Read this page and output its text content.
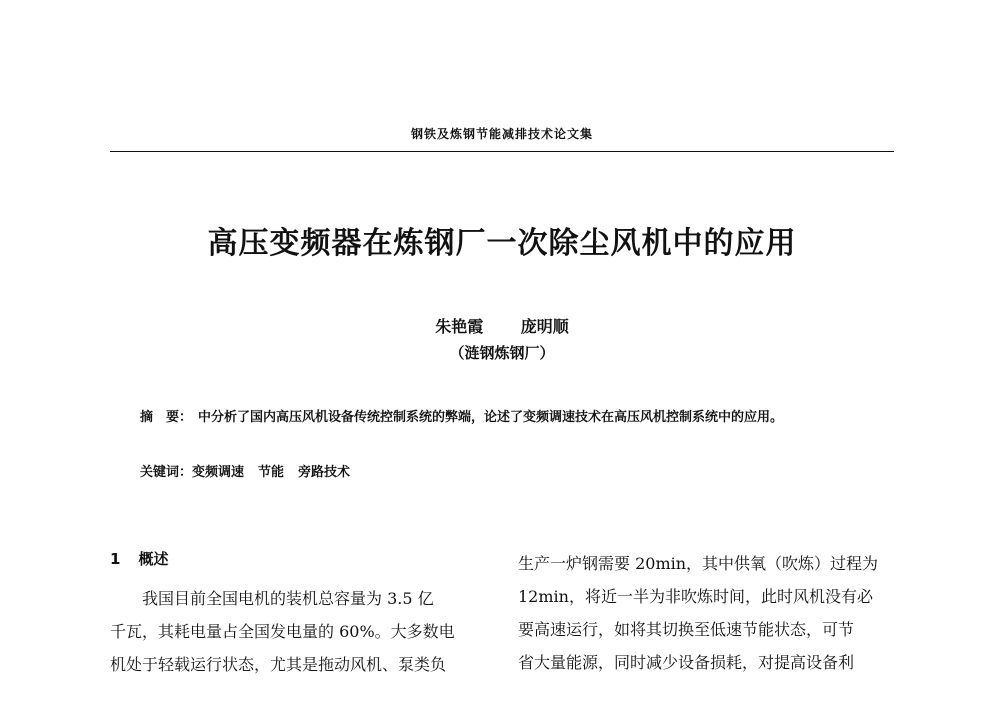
钢铁及炼钢节能减排技术论文集
高压变频器在炼钢厂一次除尘风机中的应用
朱艳霞 庞明顺
（涟钢炼钢厂）
摘　要： 中分析了国内高压风机设备传统控制系统的弊端，论述了变频调速技术在高压风机控制系统中的应用。
关键词：变频调速 节能 旁路技术
1 概述

我国目前全国电机的装机总容量为 3.5 亿

千瓦，其耗电量占全国发电量的 60%。大多数电

机处于轻载运行状态，尤其是拖动风机、泵类负

生产一炉钢需要 20min，其中供氧（吹炼）过程为

12min，将近一半为非吹炼时间，此时风机没有必

要高速运行，如将其切换至低速节能状态，可节

省大量能源，同时减少设备损耗，对提高设备利
